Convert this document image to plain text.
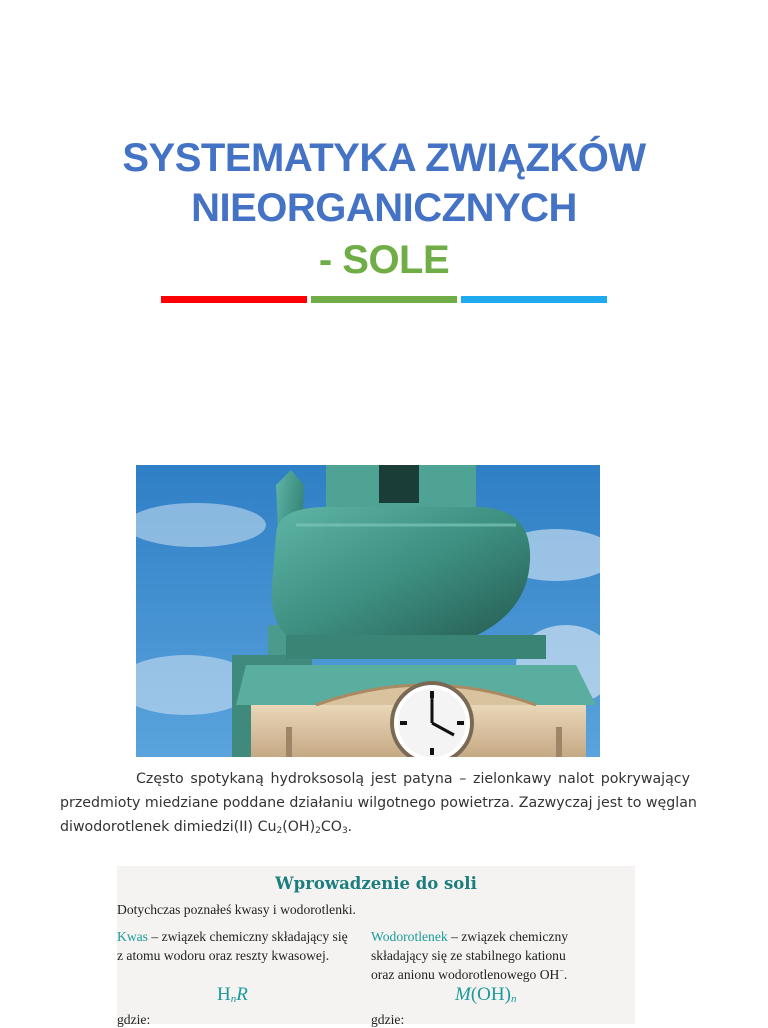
SYSTEMATYKA ZWIĄZKÓW
NIEORGANICZNYCH
- SOLE
Często spotykaną hydroksosolą jest patyna – zielonkawy nalot pokrywający
przedmioty miedziane poddane działaniu wilgotnego powietrza. Zazwyczaj jest to węglan
diwodorotlenek dimiedzi(II) $Cu_2(OH)_2CO_3$.
Wprowadzenie do soli
Dotychczas poznałeś kwasy i wodorotlenki.
Kwas – związek chemiczny składający się
z atomu wodoru oraz reszty kwasowej.
Wodorotlenek – związek chemiczny
składający się ze stabilnego kationu
oraz anionu wodorotlenowego OH−.
$H_nR$	$M(OH)_n$
gdzie:	gdzie:
